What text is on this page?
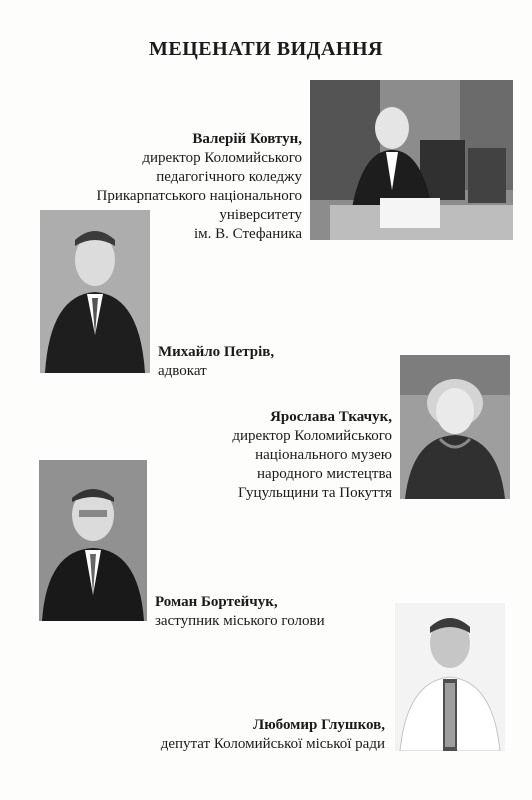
МЕЦЕНАТИ ВИДАННЯ
Валерій Ковтун,
директор Коломийського
педагогічного коледжу
Прикарпатського національного
університету
ім. В. Стефаника
Михайло Петрів,
адвокат
Ярослава Ткачук,
директор Коломийського
національного музею
народного мистецтва
Гуцульщини та Покуття
Роман Бортейчук,
заступник міського голови
Любомир Глушков,
депутат Коломийської міської ради
